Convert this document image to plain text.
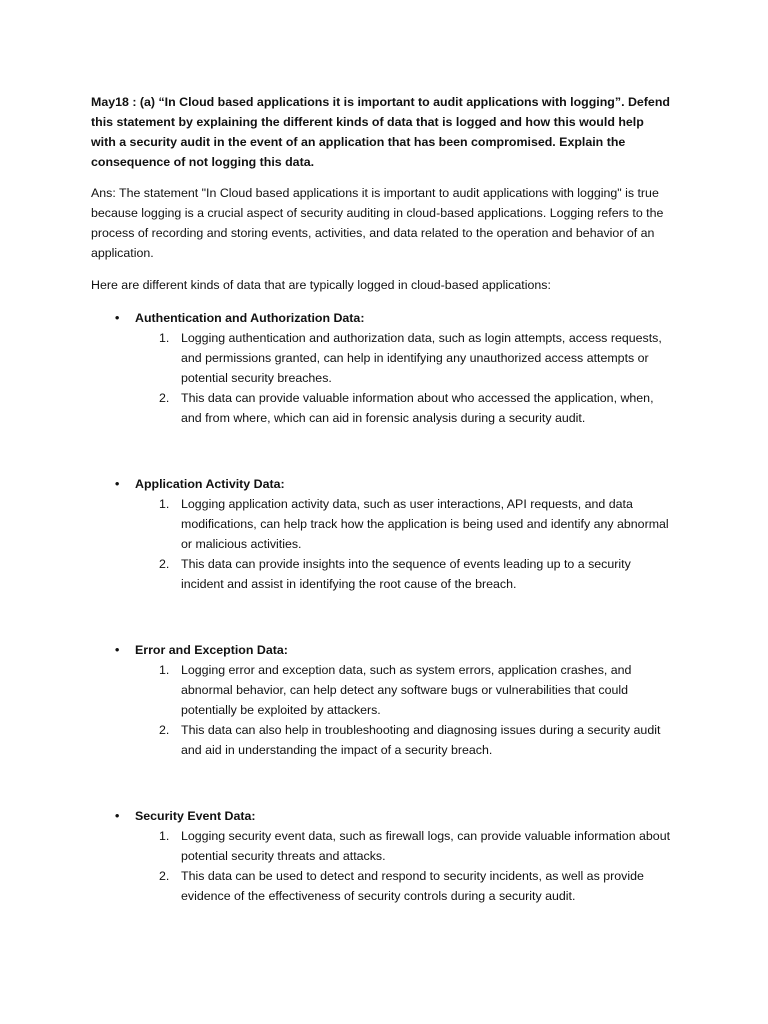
May18 : (a) “In Cloud based applications it is important to audit applications with logging”. Defend this statement by explaining the different kinds of data that is logged and how this would help with a security audit in the event of an application that has been compromised. Explain the consequence of not logging this data.

Ans: The statement "In Cloud based applications it is important to audit applications with logging" is true because logging is a crucial aspect of security auditing in cloud-based applications. Logging refers to the process of recording and storing events, activities, and data related to the operation and behavior of an application.

Here are different kinds of data that are typically logged in cloud-based applications:

• Authentication and Authorization Data:
1. Logging authentication and authorization data, such as login attempts, access requests, and permissions granted, can help in identifying any unauthorized access attempts or potential security breaches.
2. This data can provide valuable information about who accessed the application, when, and from where, which can aid in forensic analysis during a security audit.
• Application Activity Data:
1. Logging application activity data, such as user interactions, API requests, and data modifications, can help track how the application is being used and identify any abnormal or malicious activities.
2. This data can provide insights into the sequence of events leading up to a security incident and assist in identifying the root cause of the breach.
• Error and Exception Data:
1. Logging error and exception data, such as system errors, application crashes, and abnormal behavior, can help detect any software bugs or vulnerabilities that could potentially be exploited by attackers.
2. This data can also help in troubleshooting and diagnosing issues during a security audit and aid in understanding the impact of a security breach.
• Security Event Data:
1. Logging security event data, such as firewall logs, can provide valuable information about potential security threats and attacks.
2. This data can be used to detect and respond to security incidents, as well as provide evidence of the effectiveness of security controls during a security audit.
